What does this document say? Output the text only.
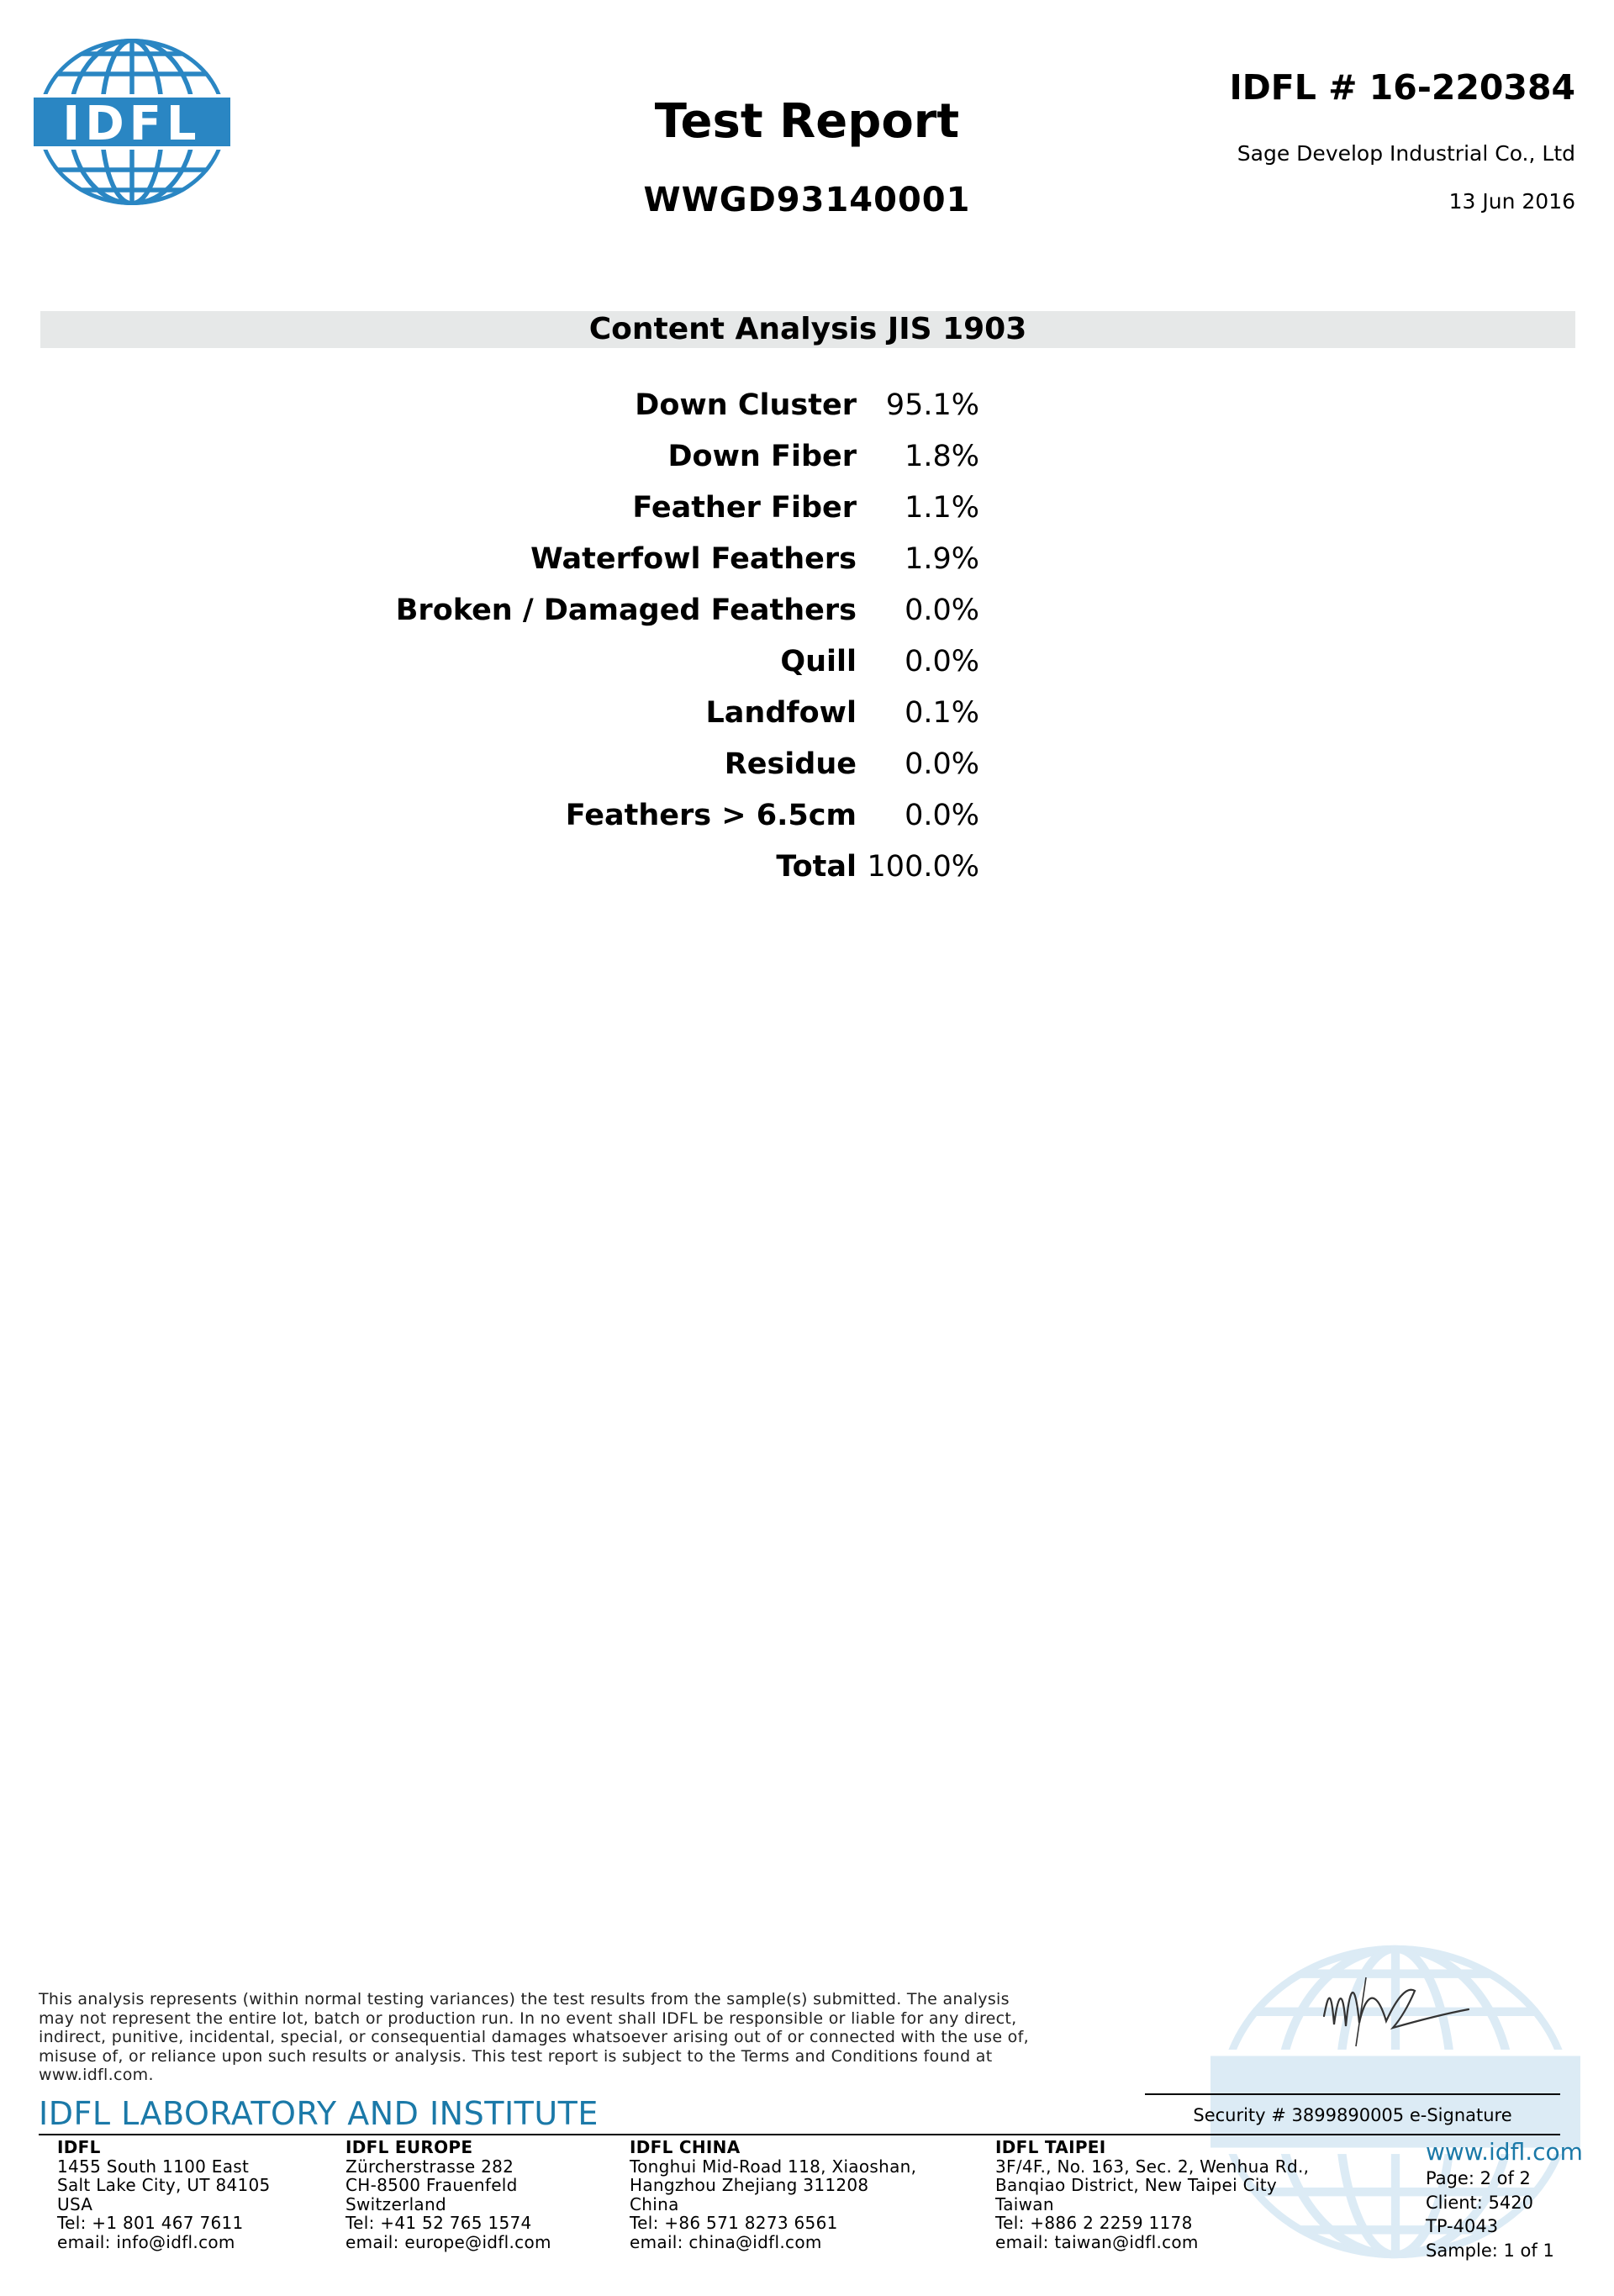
IDFL	Test Report
WWGD93140001
IDFL # 16-220384
Sage Develop Industrial Co., Ltd
13 Jun 2016
Content Analysis JIS 1903
Down Cluster 95.1%
Down Fiber 1.8%
Feather Fiber 1.1%
Waterfowl Feathers 1.9%
Broken / Damaged Feathers 0.0%
Quill 0.0%
Landfowl 0.1%
Residue 0.0%
Feathers > 6.5cm 0.0%
Total 100.0%
This analysis represents (within normal testing variances) the test results from the sample(s) submitted. The analysis
may not represent the entire lot, batch or production run. In no event shall IDFL be responsible or liable for any direct,
indirect, punitive, incidental, special, or consequential damages whatsoever arising out of or connected with the use of,
misuse of, or reliance upon such results or analysis. This test report is subject to the Terms and Conditions found at
www.idfl.com.
Security # 3899890005 e-Signature
IDFL LABORATORY AND INSTITUTE
IDFL
1455 South 1100 East
Salt Lake City, UT 84105
USA
Tel: +1 801 467 7611
email: info@idfl.com
IDFL EUROPE
Zürcherstrasse 282
CH-8500 Frauenfeld
Switzerland
Tel: +41 52 765 1574
email: europe@idfl.com
IDFL CHINA
Tonghui Mid-Road 118, Xiaoshan,
Hangzhou Zhejiang 311208
China
Tel: +86 571 8273 6561
email: china@idfl.com
IDFL TAIPEI
3F/4F., No. 163, Sec. 2, Wenhua Rd.,
Banqiao District, New Taipei City
Taiwan
Tel: +886 2 2259 1178
email: taiwan@idfl.com
www.idfl.com
Page: 2 of 2
Client: 5420
TP-4043
Sample: 1 of 1
